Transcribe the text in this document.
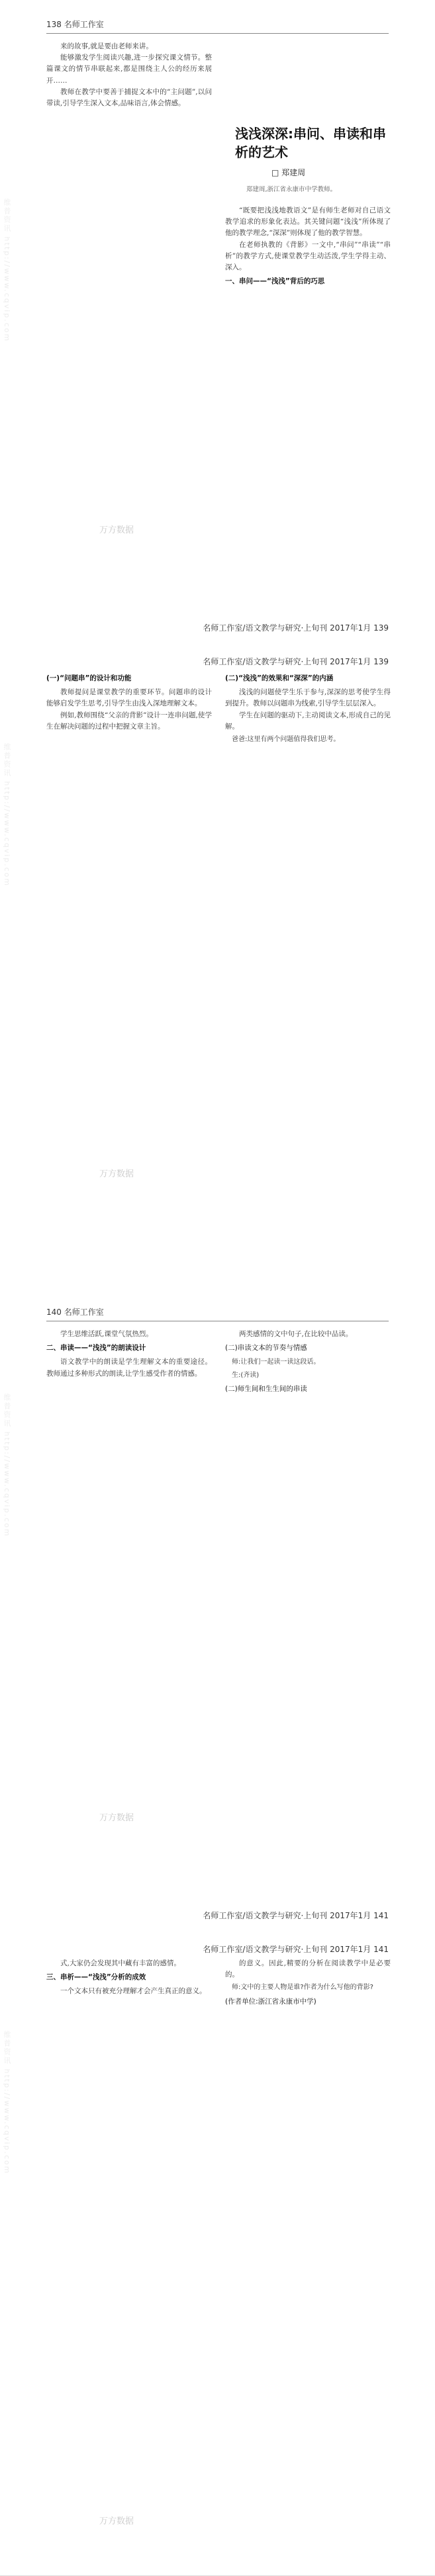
维普资讯 http://www.cqvip.com
138 名师工作室

来的故事,就是要由老师来讲。

能够激发学生阅读兴趣,进一步探究课文情节。整篇课文的情节串联起来,都是围绕主人公的经历来展开……

教师在教学中要善于捕捉文本中的“主问题”,以问带读,引导学生深入文本,品味语言,体会情感。

浅浅深深:串问、串读和串析的艺术
□ 郑建周
郑建周,浙江省永康市中学教师。

“既要把浅浅地教语文”是有师生老师对自己语文教学追求的形象化表达。其关键问题“浅浅”所体现了他的教学理念,“深深”则体现了他的教学智慧。

在老师执教的《背影》一文中,“串问”“串读”“串析”的教学方式,使课堂教学生动活泼,学生学得主动、深入。

一、串问——“浅浅”背后的巧思

万方数据
名师工作室/语文教学与研究·上旬刊 2017年1月 139
维普资讯 http://www.cqvip.com

(一)“问题串”的设计和功能

教师提问是课堂教学的重要环节。问题串的设计能够启发学生思考,引导学生由浅入深地理解文本。

例如,教师围绕“父亲的背影”设计一连串问题,使学生在解决问题的过程中把握文章主旨。

(二)“浅浅”的效果和“深深”的内涵

浅浅的问题使学生乐于参与,深深的思考使学生得到提升。教师以问题串为线索,引导学生层层深入。

学生在问题的驱动下,主动阅读文本,形成自己的见解。

爸爸:这里有两个问题值得我们思考。

万方数据
名师工作室/语文教学与研究·上旬刊 2017年1月 139
维普资讯 http://www.cqvip.com
140 名师工作室

学生思维活跃,课堂气氛热烈。

二、串读——“浅浅”的朗读设计

语文教学中的朗读是学生理解文本的重要途径。教师通过多种形式的朗读,让学生感受作者的情感。

两类感情的文中句子,在比较中品读。

(二)串读文本的节奏与情感

师:让我们一起读一读这段话。

生:(齐读)

(二)师生间和生生间的串读

万方数据
名师工作室/语文教学与研究·上旬刊 2017年1月 141
维普资讯 http://www.cqvip.com

式,大家仍会发现其中藏有丰富的感情。

三、串析——“浅浅”分析的成效

一个文本只有被充分理解才会产生真正的意义。

的意义。因此,精要的分析在阅读教学中是必要的。

师:文中的主要人物是谁?作者为什么写他的背影?

(作者单位:浙江省永康市中学)

万方数据
名师工作室/语文教学与研究·上旬刊 2017年1月 141
